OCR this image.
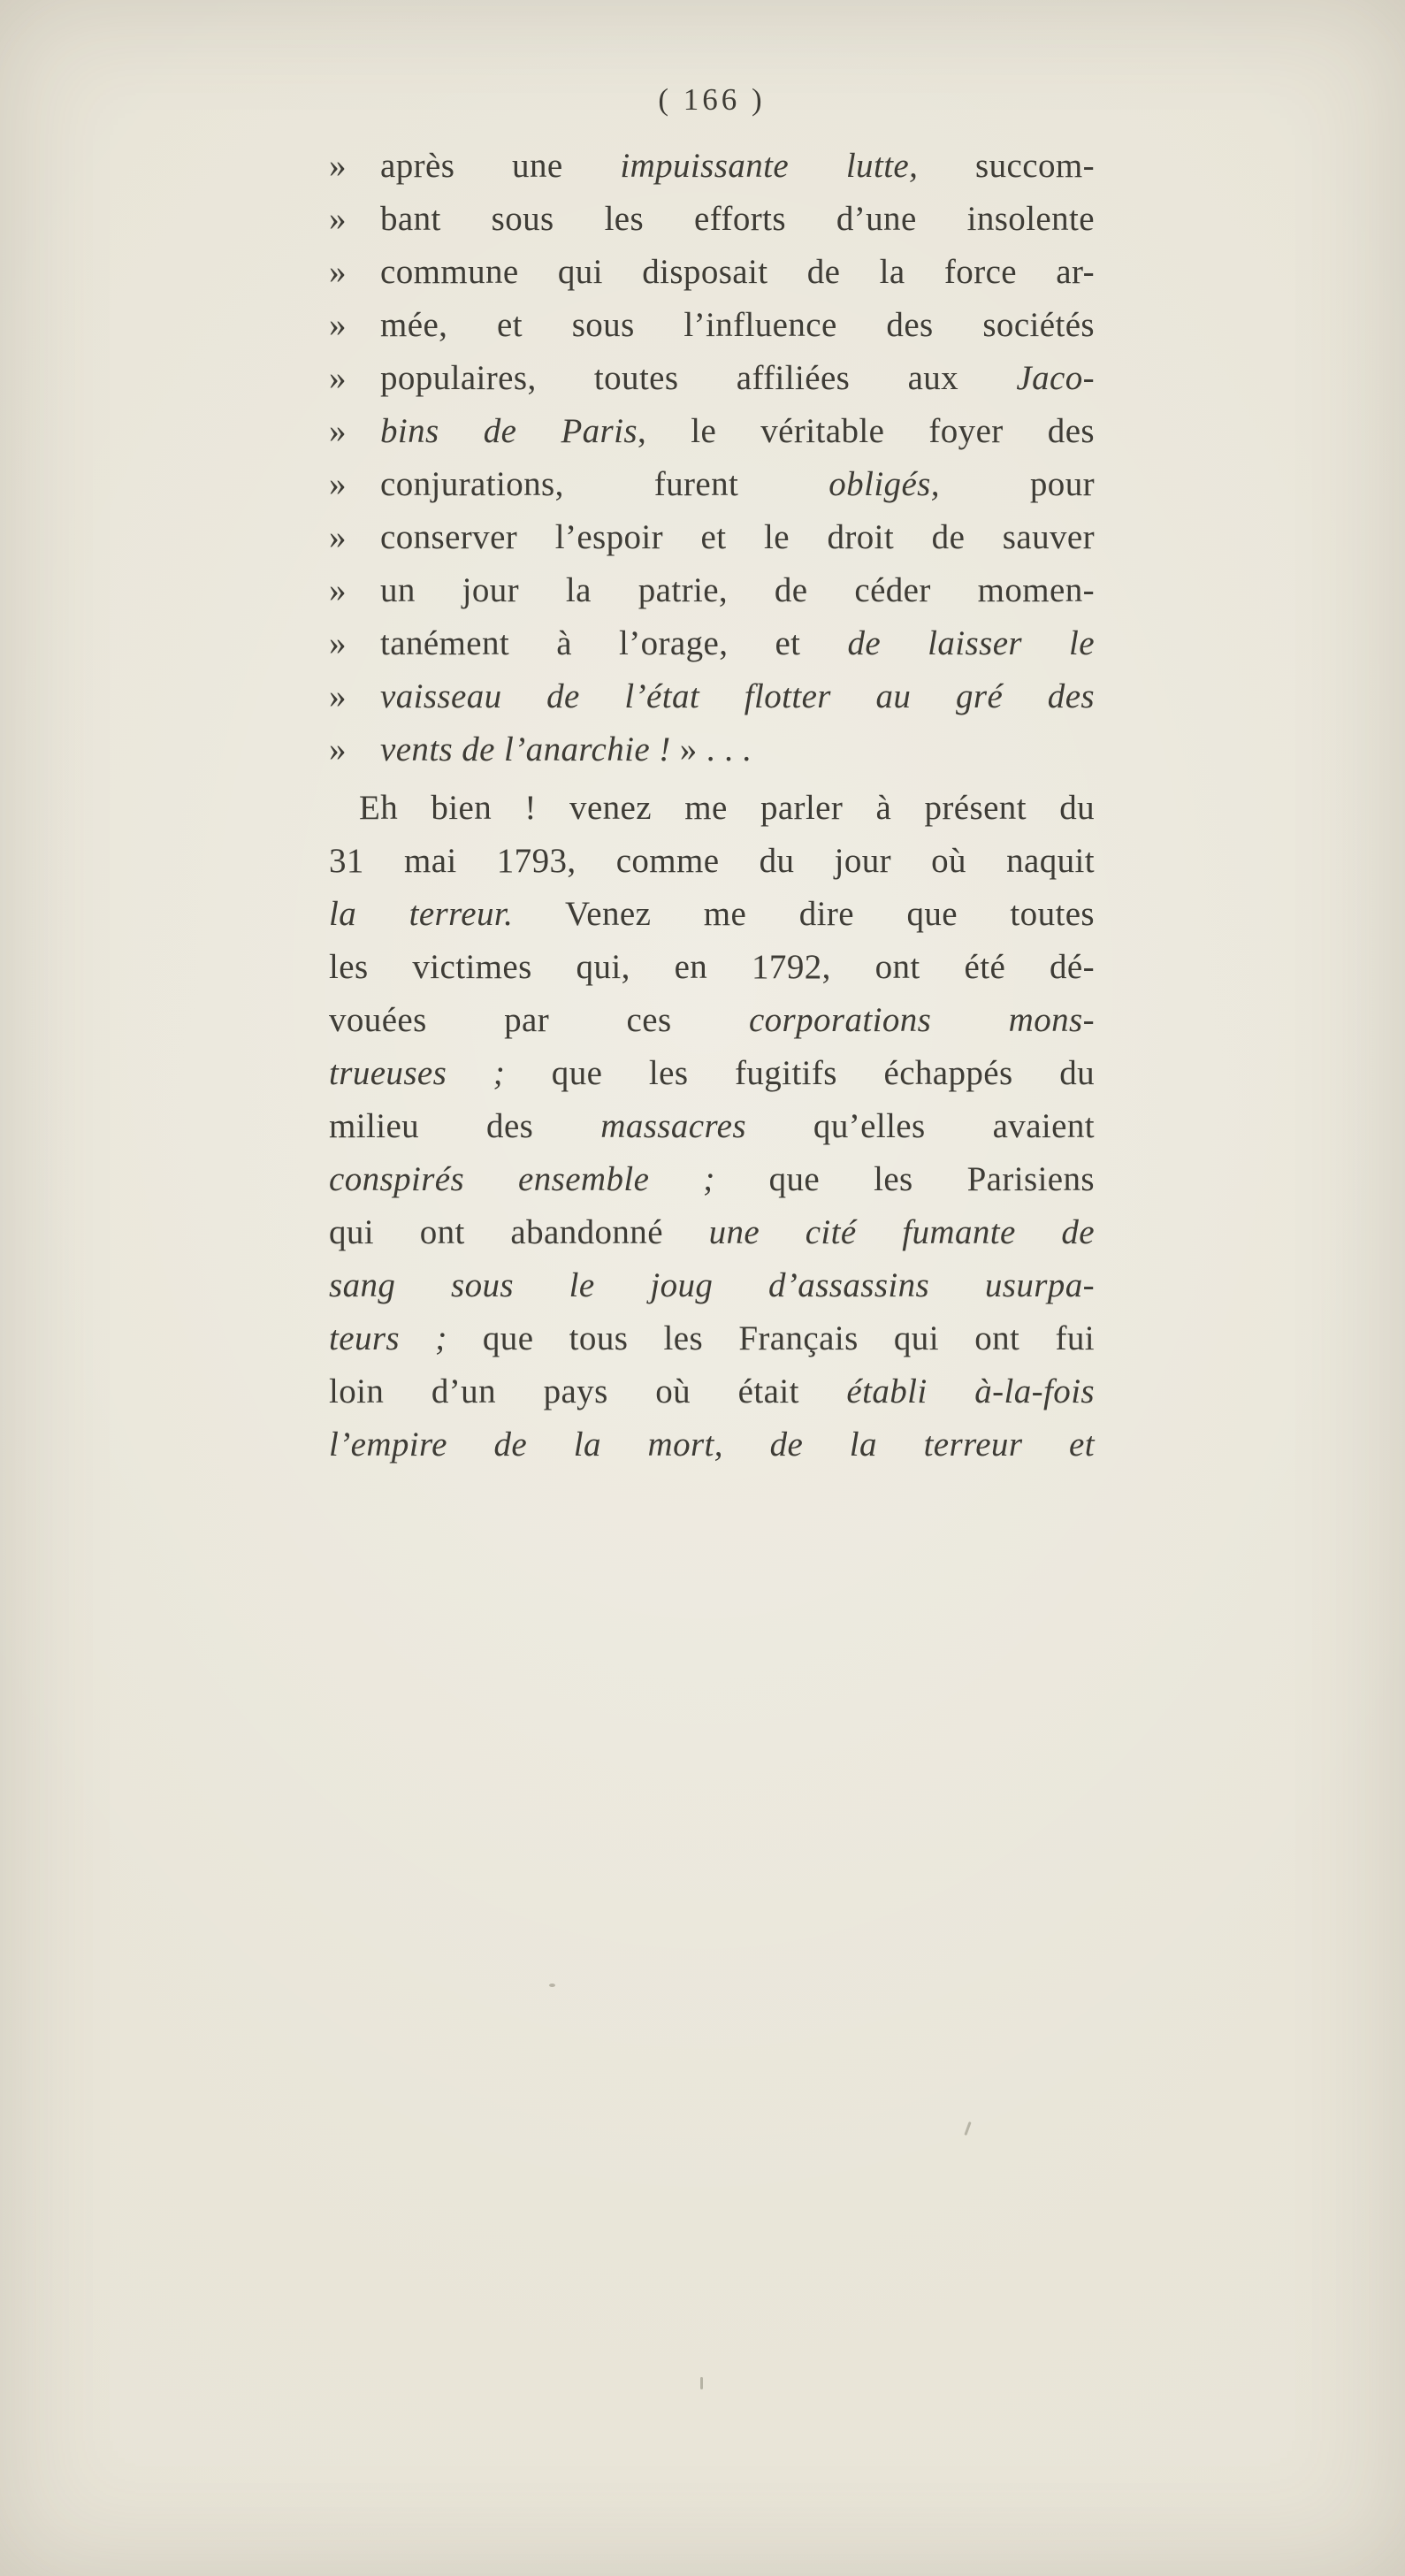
( 166 )
» après une impuissante lutte, succom-
» bant sous les efforts d’une insolente
» commune qui disposait de la force ar-
» mée, et sous l’influence des sociétés
» populaires, toutes affiliées aux Jaco-
» bins de Paris, le véritable foyer des
» conjurations, furent obligés, pour
» conserver l’espoir et le droit de sauver
» un jour la patrie, de céder momen-
» tanément à l’orage, et de laisser le
» vaisseau de l’état flotter au gré des
» vents de l’anarchie ! » . . .
Eh bien ! venez me parler à présent du
31 mai 1793, comme du jour où naquit
la terreur. Venez me dire que toutes
les victimes qui, en 1792, ont été dé-
vouées par ces corporations mons-
trueuses ; que les fugitifs échappés du
milieu des massacres qu’elles avaient
conspirés ensemble ; que les Parisiens
qui ont abandonné une cité fumante de
sang sous le joug d’assassins usurpa-
teurs ; que tous les Français qui ont fui
loin d’un pays où était établi à-la-fois
l’empire de la mort, de la terreur et
